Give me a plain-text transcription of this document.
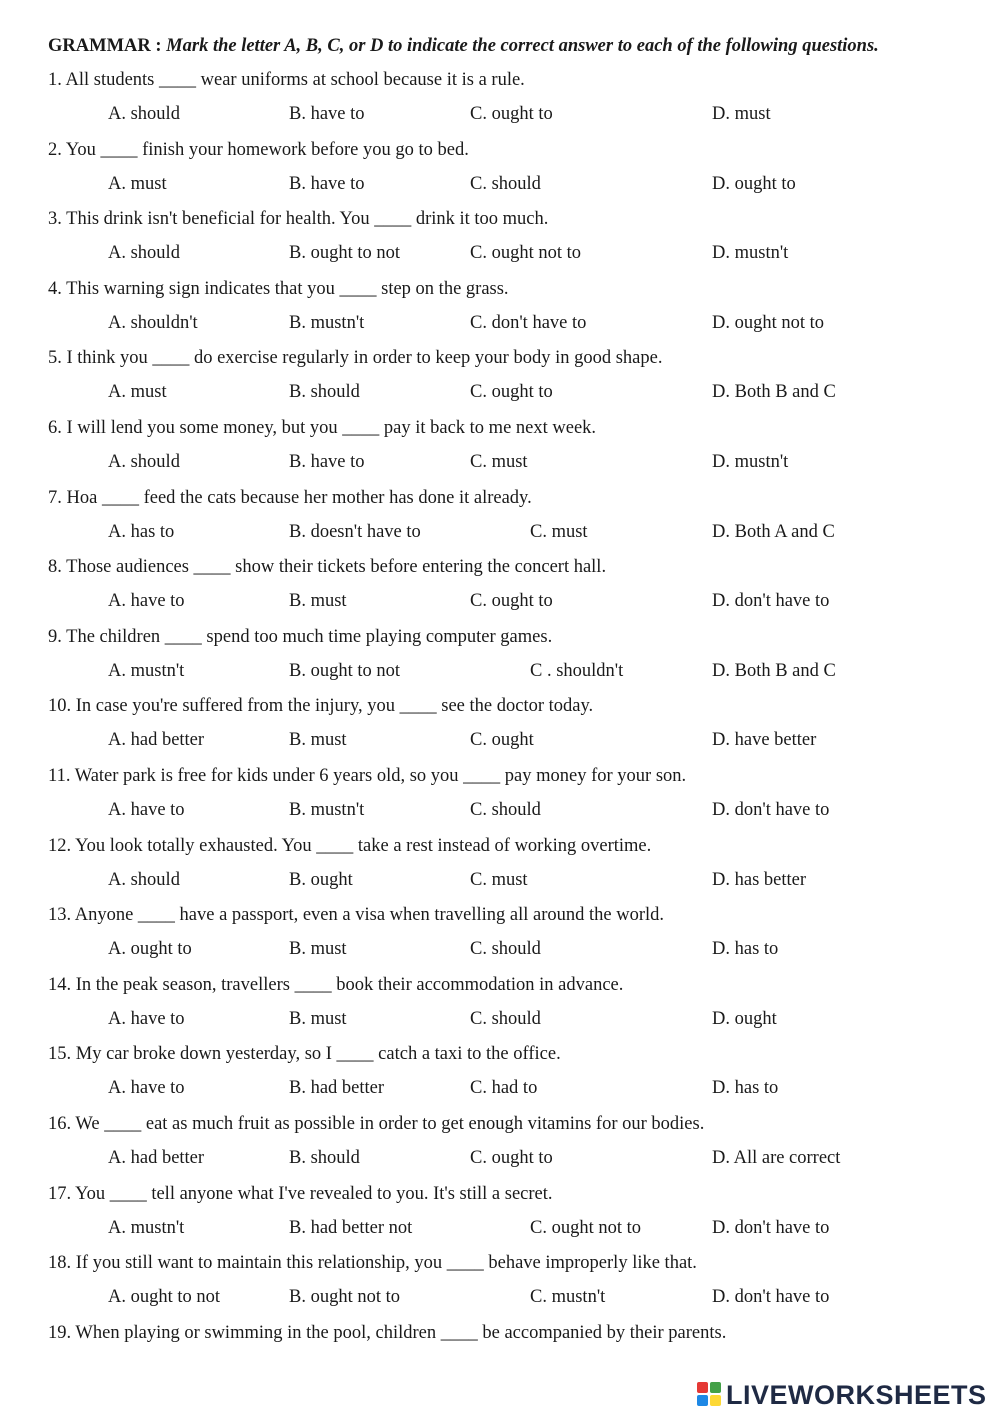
GRAMMAR : Mark the letter A, B, C, or D to indicate the correct answer to each of the following questions.
1. All students ____ wear uniforms at school because it is a rule.
A. should	B. have to	C. ought to	D. must
2. You ____ finish your homework before you go to bed.
A. must	B. have to	C. should	D. ought to
3. This drink isn't beneficial for health. You ____ drink it too much.
A. should	B. ought to not	C. ought not to	D. mustn't
4. This warning sign indicates that you ____ step on the grass.
A. shouldn't	B. mustn't	C. don't have to	D. ought not to
5. I think you ____ do exercise regularly in order to keep your body in good shape.
A. must	B. should	C. ought to	D. Both B and C
6. I will lend you some money, but you ____ pay it back to me next week.
A. should	B. have to	C. must	D. mustn't
7. Hoa ____ feed the cats because her mother has done it already.
A. has to	B. doesn't have to	C. must	D. Both A and C
8. Those audiences ____ show their tickets before entering the concert hall.
A. have to	B. must	C. ought to	D. don't have to
9. The children ____ spend too much time playing computer games.
A. mustn't	B. ought to not	C . shouldn't	D. Both B and C
10. In case you're suffered from the injury, you ____ see the doctor today.
A. had better	B. must	C. ought	D. have better
11. Water park is free for kids under 6 years old, so you ____ pay money for your son.
A. have to	B. mustn't	C. should	D. don't have to
12. You look totally exhausted. You ____ take a rest instead of working overtime.
A. should	B. ought	C. must	D. has better
13. Anyone ____ have a passport, even a visa when travelling all around the world.
A. ought to	B. must	C. should	D. has to
14. In the peak season, travellers ____ book their accommodation in advance.
A. have to	B. must	C. should	D. ought
15. My car broke down yesterday, so I ____ catch a taxi to the office.
A. have to	B. had better	C. had to	D. has to
16. We ____ eat as much fruit as possible in order to get enough vitamins for our bodies.
A. had better	B. should	C. ought to	D. All are correct
17. You ____ tell anyone what I've revealed to you. It's still a secret.
A. mustn't	B. had better not	C. ought not to	D. don't have to
18. If you still want to maintain this relationship, you ____ behave improperly like that.
A. ought to not	B. ought not to	C. mustn't	D. don't have to
19. When playing or swimming in the pool, children ____ be accompanied by their parents.
LIVEWORKSHEETS
